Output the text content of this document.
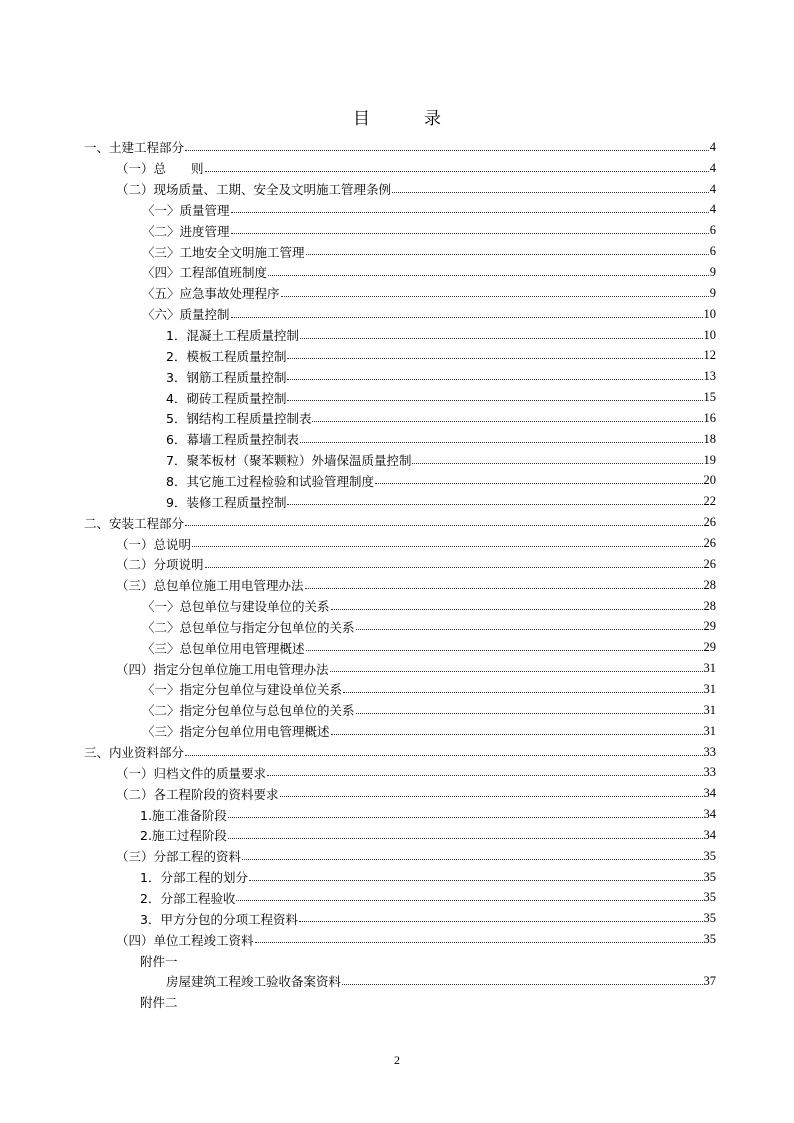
目录
一、土建工程部分	4
（一）总　　则	4
（二）现场质量、工期、安全及文明施工管理条例	4
〈一〉质量管理	4
〈二〉进度管理	6
〈三〉工地安全文明施工管理	6
〈四〉工程部值班制度	9
〈五〉应急事故处理程序	9
〈六〉质量控制	10
1．混凝土工程质量控制	10
2．模板工程质量控制	12
3．钢筋工程质量控制	13
4．砌砖工程质量控制	15
5．钢结构工程质量控制表	16
6．幕墙工程质量控制表	18
7．聚苯板材（聚苯颗粒）外墙保温质量控制	19
8．其它施工过程检验和试验管理制度	20
9．装修工程质量控制	22
二、安装工程部分	26
（一）总说明	26
（二）分项说明	26
（三）总包单位施工用电管理办法	28
〈一〉总包单位与建设单位的关系	28
〈二〉总包单位与指定分包单位的关系	29
〈三〉总包单位用电管理概述	29
（四）指定分包单位施工用电管理办法	31
〈一〉指定分包单位与建设单位关系	31
〈二〉指定分包单位与总包单位的关系	31
〈三〉指定分包单位用电管理概述	31
三、内业资料部分	33
（一）归档文件的质量要求	33
（二）各工程阶段的资料要求	34
1.施工准备阶段	34
2.施工过程阶段	34
（三）分部工程的资料	35
1．分部工程的划分	35
2．分部工程验收	35
3．甲方分包的分项工程资料	35
（四）单位工程竣工资料	35
附件一
房屋建筑工程竣工验收备案资料	37
附件二
2
